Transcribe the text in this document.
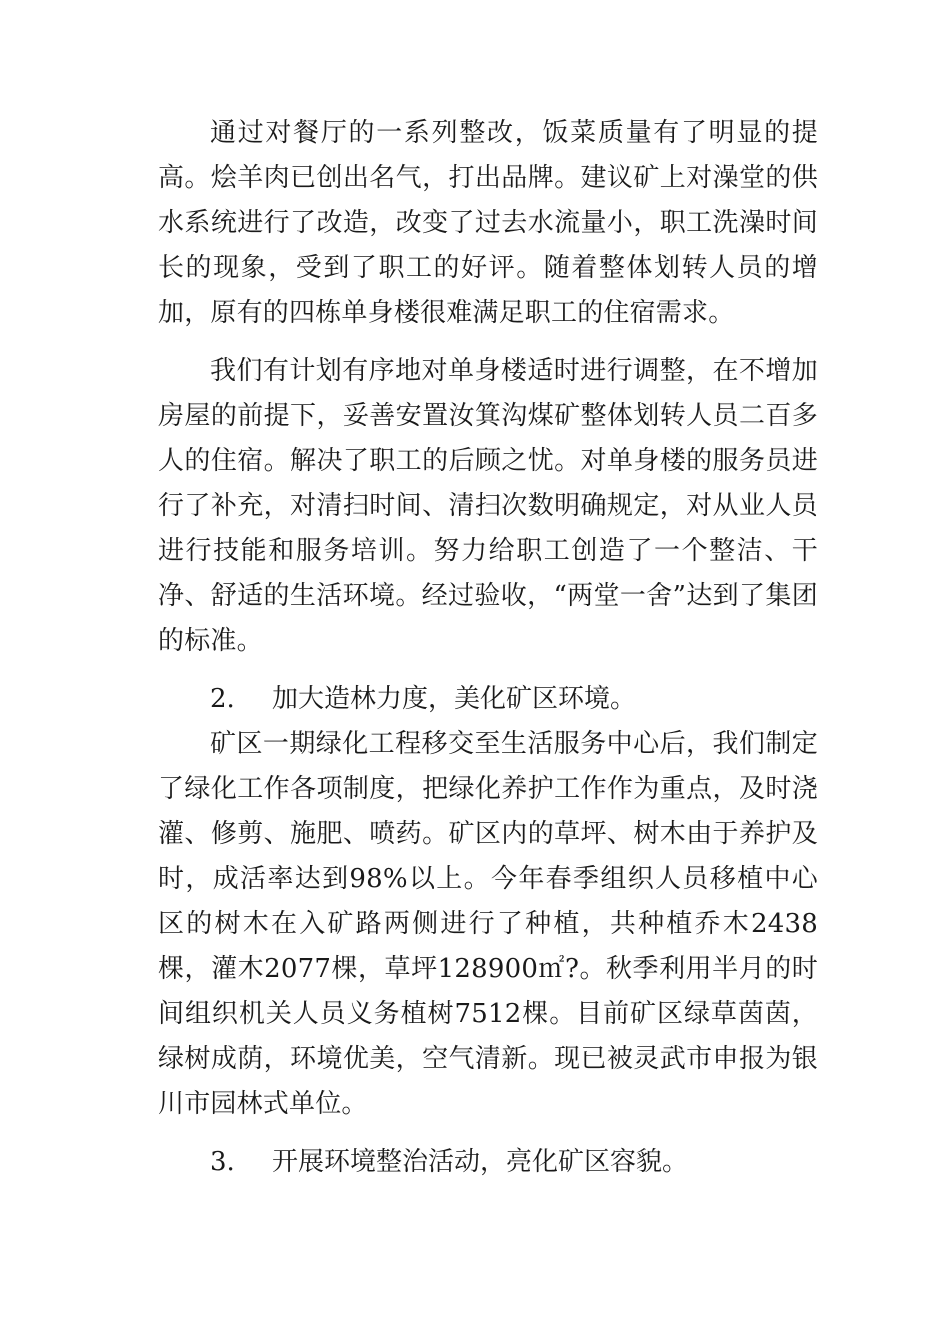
通过对餐厅的一系列整改，饭菜质量有了明显的提高。烩羊肉已创出名气，打出品牌。建议矿上对澡堂的供水系统进行了改造，改变了过去水流量小，职工洗澡时间长的现象，受到了职工的好评。随着整体划转人员的增加，原有的四栋单身楼很难满足职工的住宿需求。

我们有计划有序地对单身楼适时进行调整，在不增加房屋的前提下，妥善安置汝箕沟煤矿整体划转人员二百多人的住宿。解决了职工的后顾之忧。对单身楼的服务员进行了补充，对清扫时间、清扫次数明确规定，对从业人员进行技能和服务培训。努力给职工创造了一个整洁、干净、舒适的生活环境。经过验收，“两堂一舍”达到了集团的标准。

2.	加大造林力度，美化矿区环境。

矿区一期绿化工程移交至生活服务中心后，我们制定了绿化工作各项制度，把绿化养护工作作为重点，及时浇灌、修剪、施肥、喷药。矿区内的草坪、树木由于养护及时，成活率达到98%以上。今年春季组织人员移植中心区的树木在入矿路两侧进行了种植，共种植乔木2438棵，灌木2077棵，草坪128900㎡?。秋季利用半月的时间组织机关人员义务植树7512棵。目前矿区绿草茵茵，绿树成荫，环境优美，空气清新。现已被灵武市申报为银川市园林式单位。

3.	开展环境整治活动，亮化矿区容貌。
